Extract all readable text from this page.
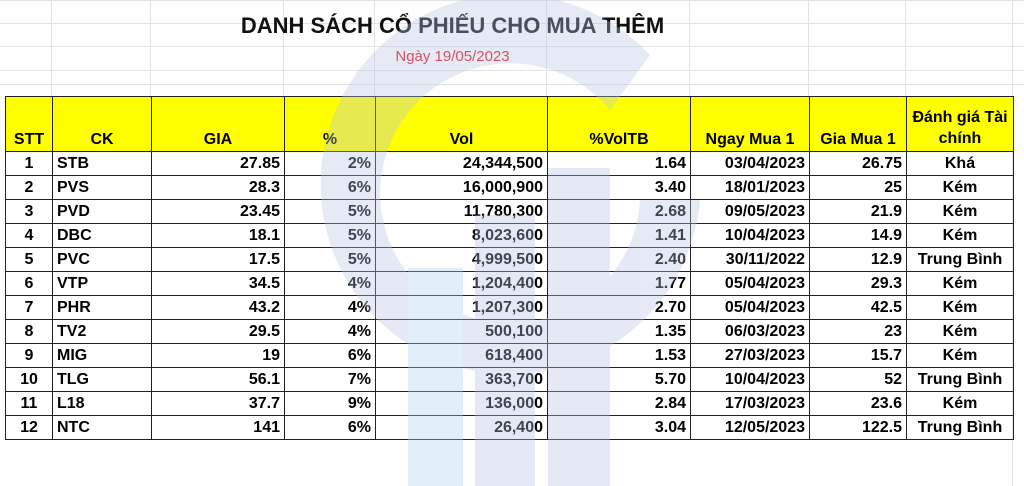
DANH SÁCH CỔ PHIẾU CHO MUA THÊM
Ngày 19/05/2023
STT	CK	GIA	%	Vol	%VolTB	Ngay Mua 1	Gia Mua 1	Đánh giá Tài chính
1	STB	27.85	2%	24,344,500	1.64	03/04/2023	26.75	Khá
2	PVS	28.3	6%	16,000,900	3.40	18/01/2023	25	Kém
3	PVD	23.45	5%	11,780,300	2.68	09/05/2023	21.9	Kém
4	DBC	18.1	5%	8,023,600	1.41	10/04/2023	14.9	Kém
5	PVC	17.5	5%	4,999,500	2.40	30/11/2022	12.9	Trung Bình
6	VTP	34.5	4%	1,204,400	1.77	05/04/2023	29.3	Kém
7	PHR	43.2	4%	1,207,300	2.70	05/04/2023	42.5	Kém
8	TV2	29.5	4%	500,100	1.35	06/03/2023	23	Kém
9	MIG	19	6%	618,400	1.53	27/03/2023	15.7	Kém
10	TLG	56.1	7%	363,700	5.70	10/04/2023	52	Trung Bình
11	L18	37.7	9%	136,000	2.84	17/03/2023	23.6	Kém
12	NTC	141	6%	26,400	3.04	12/05/2023	122.5	Trung Bình
